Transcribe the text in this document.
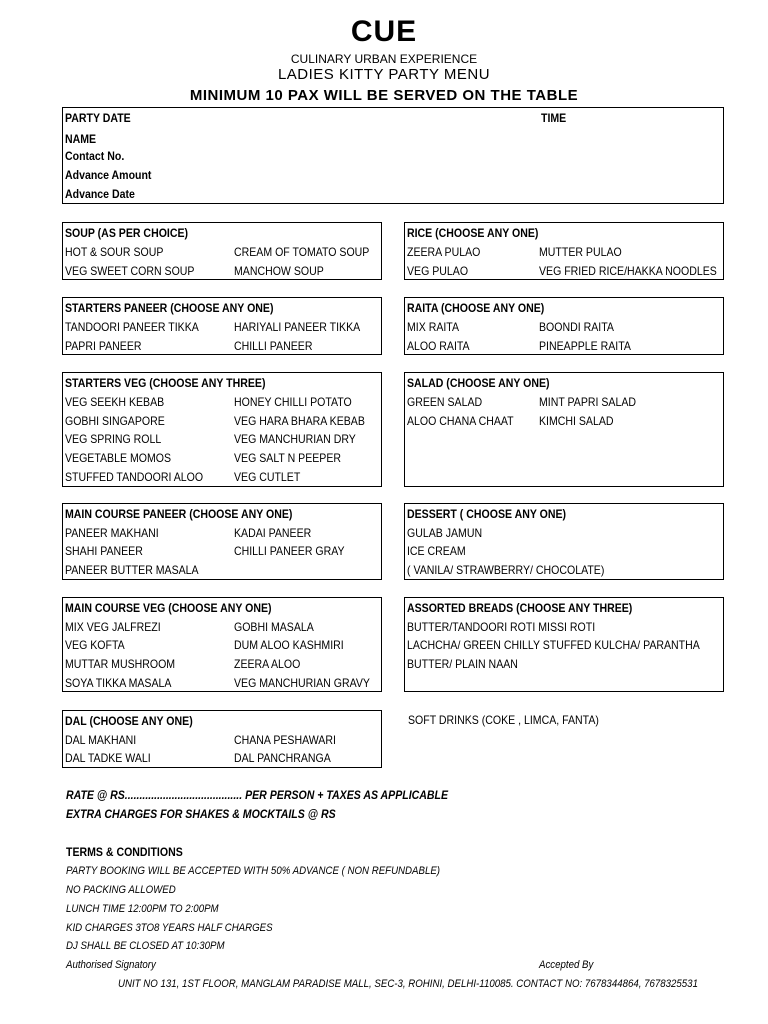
CUE
CULINARY URBAN EXPERIENCE
LADIES KITTY PARTY MENU
MINIMUM 10 PAX WILL BE SERVED ON THE TABLE
PARTY DATE	TIME
NAME
Contact No.
Advance Amount
Advance Date
SOUP (AS PER CHOICE)
HOT & SOUR SOUP
VEG SWEET CORN SOUP
CREAM OF TOMATO SOUP
MANCHOW SOUP
RICE (CHOOSE ANY ONE)
ZEERA PULAO
VEG PULAO
MUTTER PULAO
VEG FRIED RICE/HAKKA NOODLES
STARTERS PANEER (CHOOSE ANY ONE)
TANDOORI PANEER TIKKA
PAPRI PANEER
HARIYALI PANEER TIKKA
CHILLI PANEER
RAITA (CHOOSE ANY ONE)
MIX RAITA
ALOO RAITA
BOONDI RAITA
PINEAPPLE RAITA
STARTERS VEG (CHOOSE ANY THREE)
VEG SEEKH KEBAB
GOBHI SINGAPORE
VEG SPRING ROLL
VEGETABLE MOMOS
STUFFED TANDOORI ALOO
HONEY CHILLI POTATO
VEG HARA BHARA KEBAB
VEG MANCHURIAN DRY
VEG SALT N PEEPER
VEG CUTLET
SALAD (CHOOSE ANY ONE)
GREEN SALAD
ALOO CHANA CHAAT
MINT PAPRI SALAD
KIMCHI SALAD
MAIN COURSE PANEER (CHOOSE ANY ONE)
PANEER MAKHANI
SHAHI PANEER
PANEER BUTTER MASALA
KADAI PANEER
CHILLI PANEER GRAY
DESSERT ( CHOOSE ANY ONE)
GULAB JAMUN
ICE CREAM
( VANILA/ STRAWBERRY/ CHOCOLATE)
MAIN COURSE VEG (CHOOSE ANY ONE)
MIX VEG JALFREZI
VEG KOFTA
MUTTAR MUSHROOM
SOYA TIKKA MASALA
GOBHI MASALA
DUM ALOO KASHMIRI
ZEERA ALOO
VEG MANCHURIAN GRAVY
ASSORTED BREADS (CHOOSE ANY THREE)
BUTTER/TANDOORI ROTI MISSI ROTI
LACHCHA/ GREEN CHILLY STUFFED KULCHA/ PARANTHA
BUTTER/ PLAIN NAAN
DAL (CHOOSE ANY ONE)
DAL MAKHANI
DAL TADKE WALI
CHANA PESHAWARI
DAL PANCHRANGA
SOFT DRINKS (COKE , LIMCA, FANTA)
RATE @ RS........................................ PER PERSON + TAXES AS APPLICABLE
EXTRA CHARGES FOR SHAKES & MOCKTAILS @ RS
TERMS & CONDITIONS
PARTY BOOKING WILL BE ACCEPTED WITH 50% ADVANCE ( NON REFUNDABLE)
NO PACKING ALLOWED
LUNCH TIME 12:00PM TO 2:00PM
KID CHARGES 3TO8 YEARS HALF CHARGES
DJ SHALL BE CLOSED AT 10:30PM
Authorised Signatory	Accepted By
UNIT NO 131, 1ST FLOOR, MANGLAM PARADISE MALL, SEC-3, ROHINI, DELHI-110085. CONTACT NO: 7678344864, 7678325531
